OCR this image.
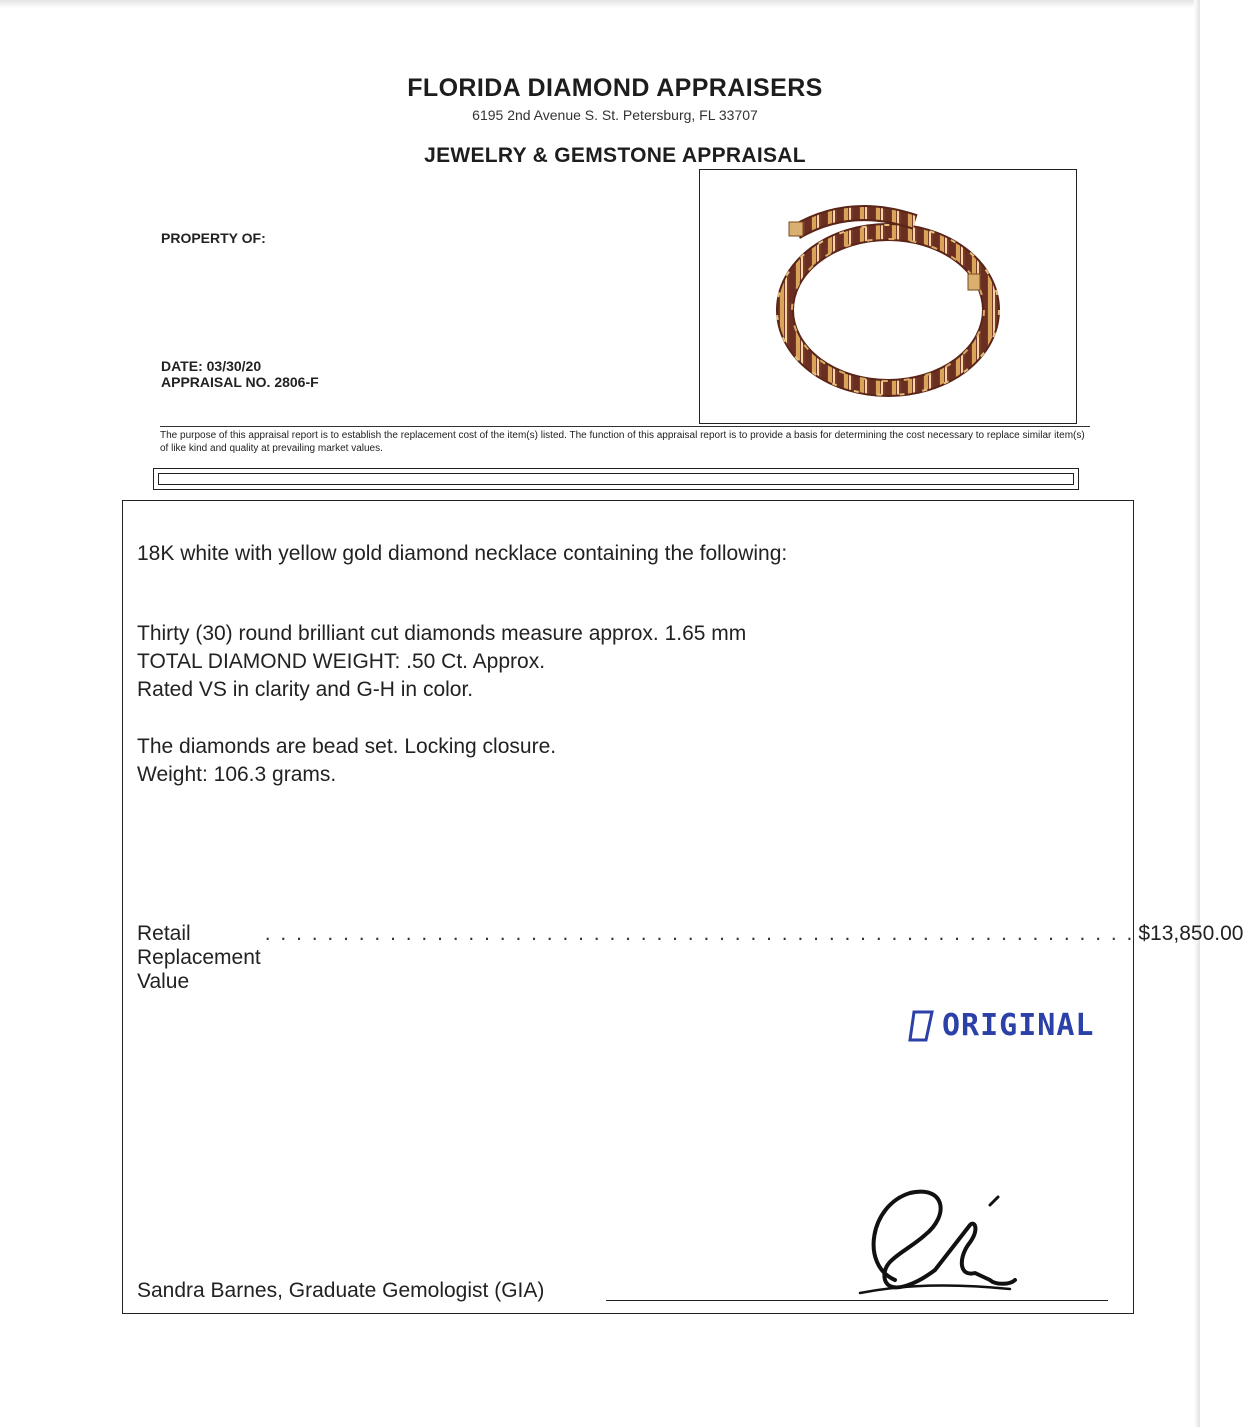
FLORIDA DIAMOND APPRAISERS
6195 2nd Avenue S. St. Petersburg, FL 33707
JEWELRY & GEMSTONE APPRAISAL
PROPERTY OF:
DATE: 03/30/20
APPRAISAL NO. 2806-F
The purpose of this appraisal report is to establish the replacement cost of the item(s) listed. The function of this appraisal report is to provide a basis for determining the cost necessary to replace similar item(s) of like kind and quality at prevailing market values.
18K white with yellow gold diamond necklace containing the following:
Thirty (30) round brilliant cut diamonds measure approx. 1.65 mm
TOTAL DIAMOND WEIGHT: .50 Ct. Approx.
Rated VS in clarity and G-H in color.
The diamonds are bead set. Locking closure.
Weight: 106.3 grams.
Retail Replacement Value
. . . . . . . . . . . . . . . . . . . . . . . . . . . . . . . . . . . . . . . . . . . . . . . . . . . . . . . . $13,850.00
Sandra Barnes, Graduate Gemologist (GIA)
ORIGINAL
